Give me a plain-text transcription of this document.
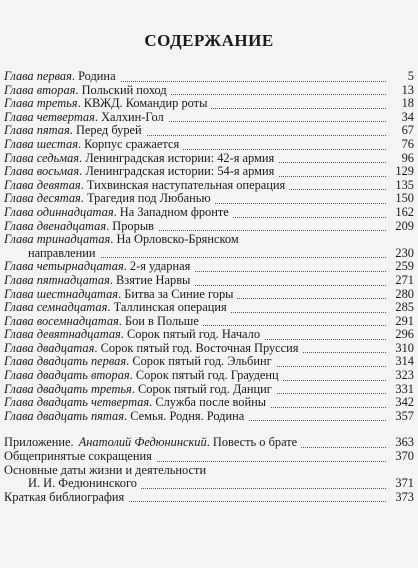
СОДЕРЖАНИЕ
Глава первая. Родина	5
Глава вторая. Польский поход	13
Глава третья. КВЖД. Командир роты	18
Глава четвертая. Халхин-Гол	34
Глава пятая. Перед бурей	67
Глава шестая. Корпус сражается	76
Глава седьмая. Ленинградская истории: 42-я армия	96
Глава восьмая. Ленинградская истории: 54-я армия	129
Глава девятая. Тихвинская наступательная операция	135
Глава десятая. Трагедия под Любанью	150
Глава одиннадцатая. На Западном фронте	162
Глава двенадцатая. Прорыв	209
Глава тринадцатая. На Орловско-Брянском
направлении	230
Глава четырнадцатая. 2-я ударная	259
Глава пятнадцатая. Взятие Нарвы	271
Глава шестнадцатая. Битва за Синие горы	280
Глава семнадцатая. Таллинская операция	285
Глава восемнадцатая. Бои в Польше	291
Глава девятнадцатая. Сорок пятый год. Начало	296
Глава двадцатая. Сорок пятый год. Восточная Пруссия	310
Глава двадцать первая. Сорок пятый год. Эльбинг	314
Глава двадцать вторая. Сорок пятый год. Грауденц	323
Глава двадцать третья. Сорок пятый год. Данциг	331
Глава двадцать четвертая. Служба после войны	342
Глава двадцать пятая. Семья. Родня. Родина	357
Приложение. Анатолий Федюнинский. Повесть о брате	363
Общепринятые сокращения	370
Основные даты жизни и деятельности
И. И. Федюнинского	371
Краткая библиография	373
